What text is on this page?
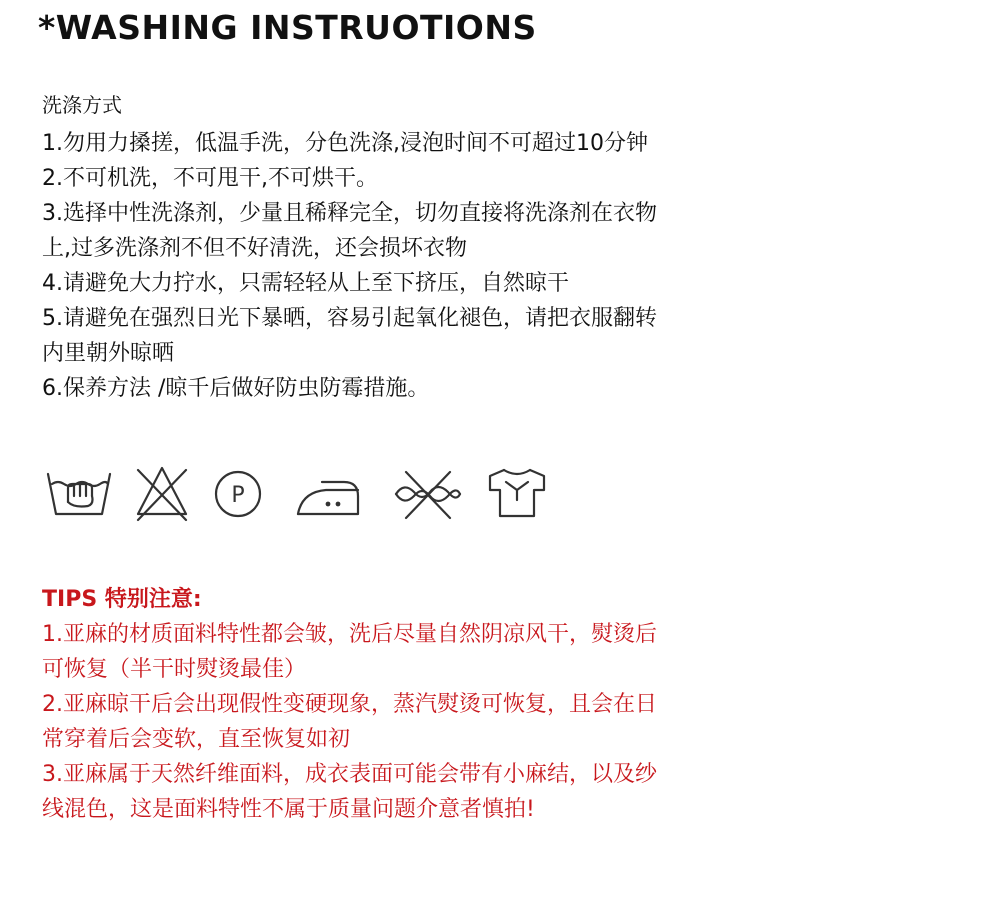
*WASHING INSTRUOTIONS
洗涤方式
1.勿用力搡搓，低温手洗，分色洗涤,浸泡时间不可超过10分钟
2.不可机洗，不可甩干,不可烘干。
3.选择中性洗涤剂，少量且稀释完全，切勿直接将洗涤剂在衣物
上,过多洗涤剂不但不好清洗，还会损坏衣物
4.请避免大力拧水，只需轻轻从上至下挤压，自然晾干
5.请避免在强烈日光下暴晒，容易引起氧化褪色，请把衣服翻转
内里朝外晾晒
6.保养方法 /晾千后做好防虫防霉措施。
P
TIPS 特别注意:
1.亚麻的材质面料特性都会皱，洗后尽量自然阴凉风干，熨烫后
可恢复（半干时熨烫最佳）
2.亚麻晾干后会出现假性变硬现象，蒸汽熨烫可恢复，且会在日
常穿着后会变软，直至恢复如初
3.亚麻属于天然纤维面料，成衣表面可能会带有小麻结，以及纱
线混色，这是面料特性不属于质量问题介意者慎拍!
